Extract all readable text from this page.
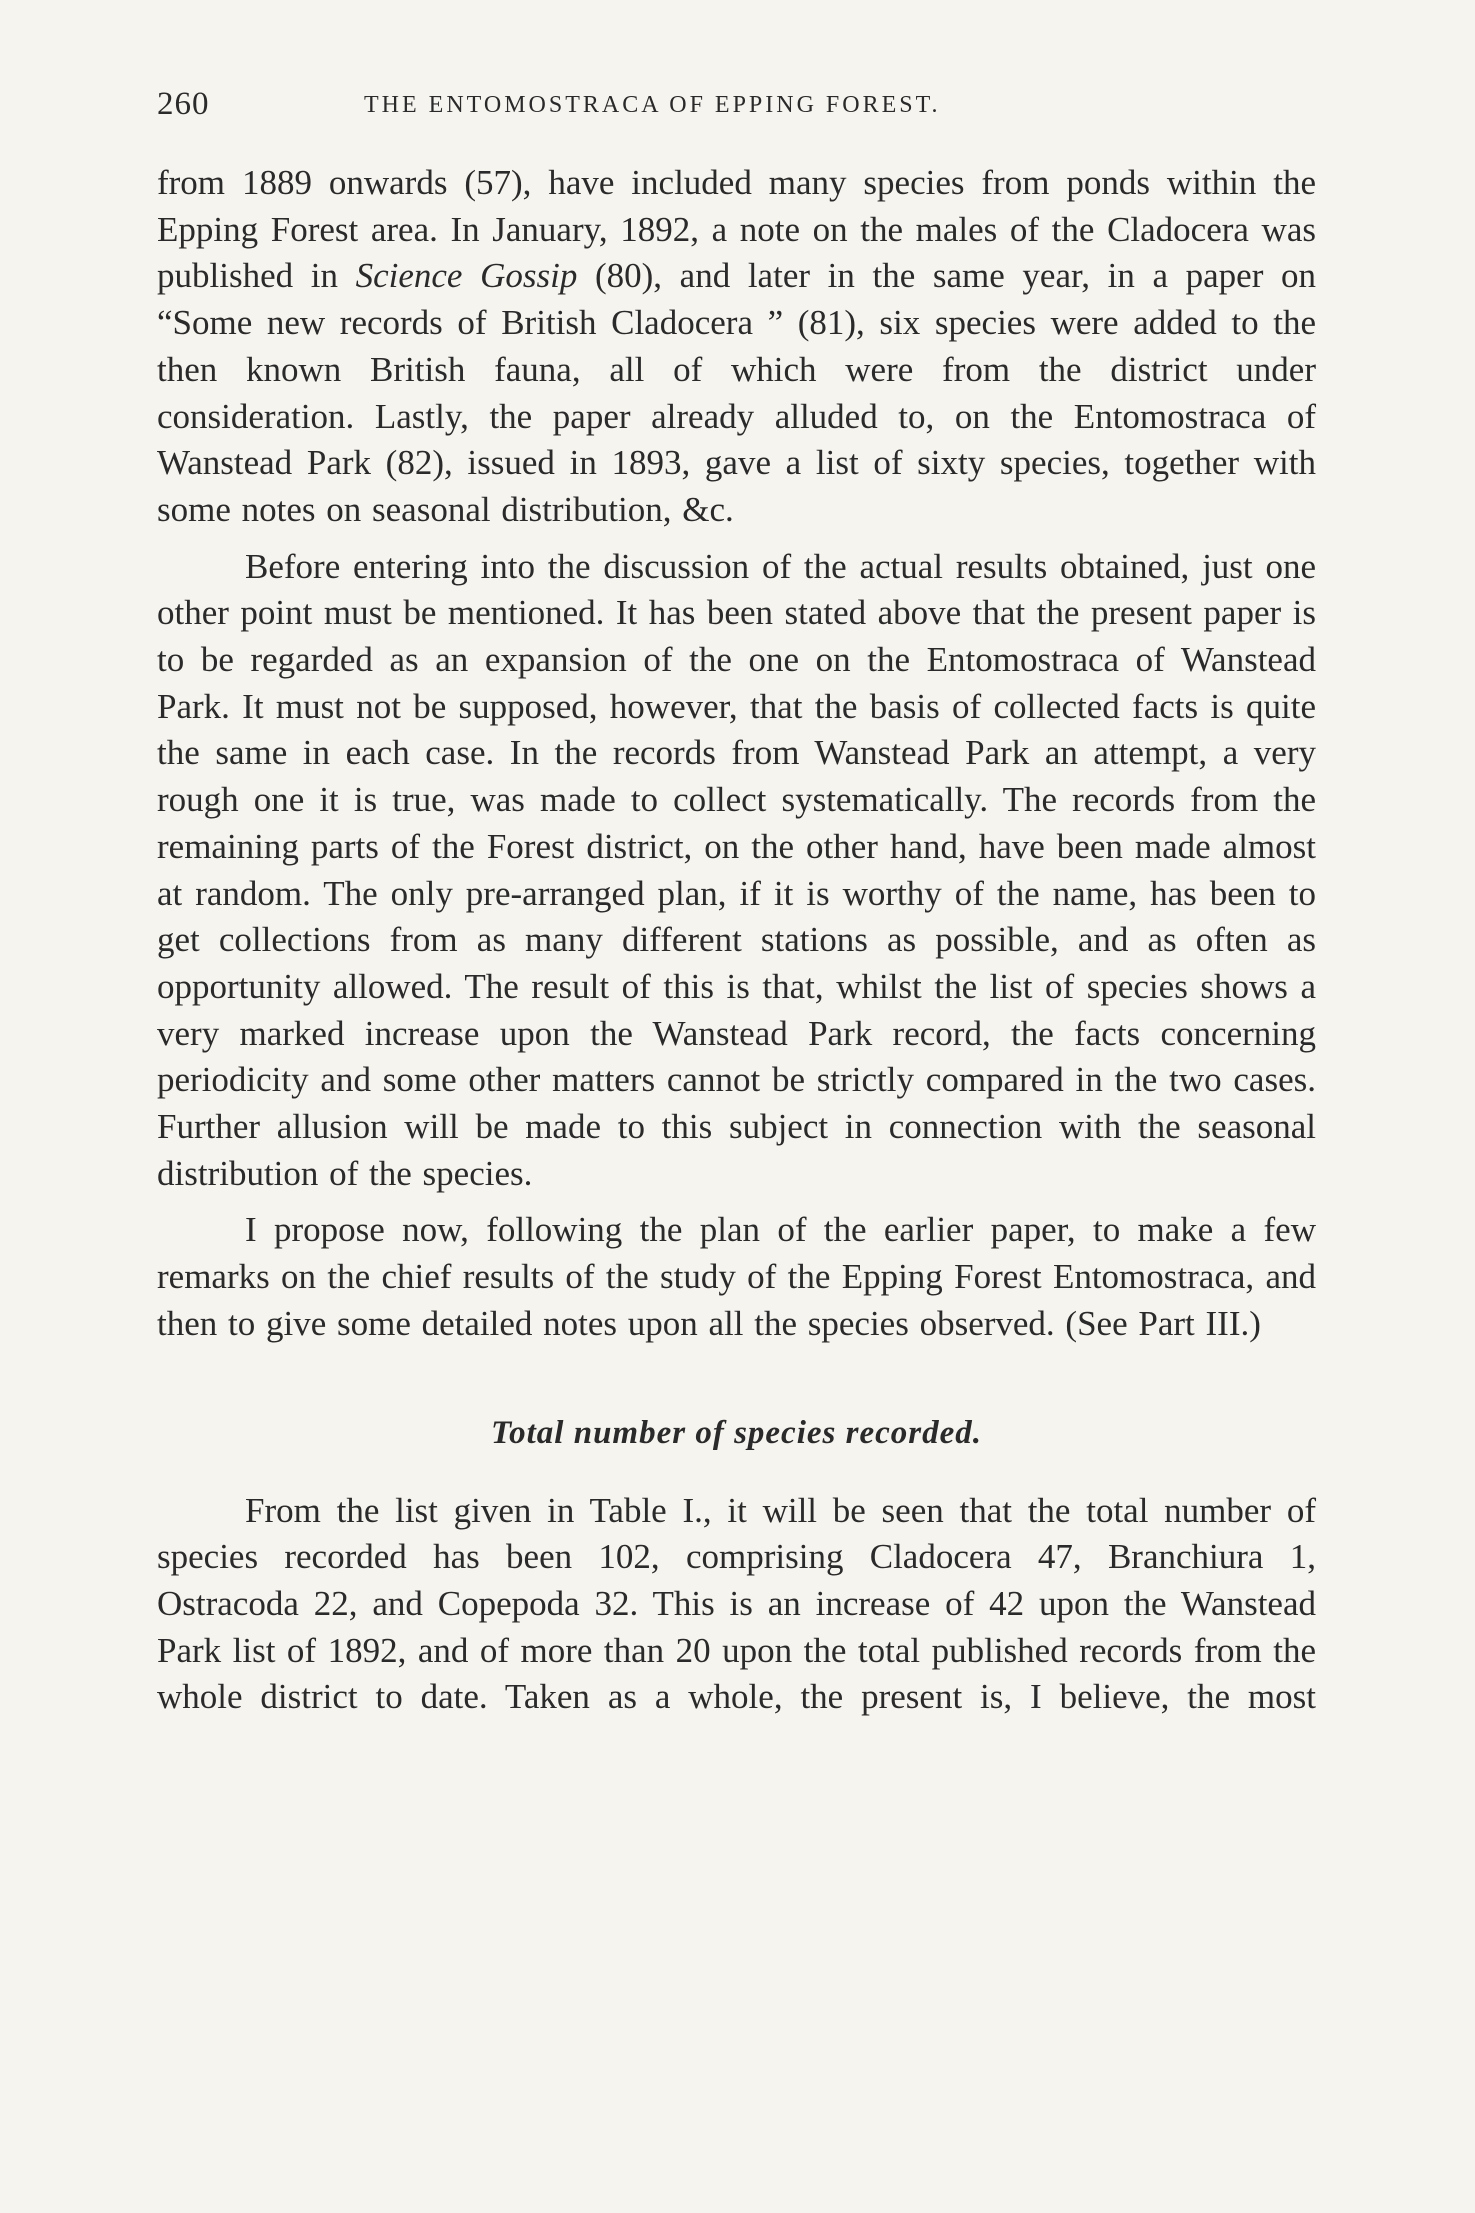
260	THE ENTOMOSTRACA OF EPPING FOREST.

from 1889 onwards (57), have included many species from ponds within the Epping Forest area. In January, 1892, a note on the males of the Cladocera was published in Science Gossip (80), and later in the same year, in a paper on “Some new records of British Cladocera ” (81), six species were added to the then known British fauna, all of which were from the district under consideration. Lastly, the paper already alluded to, on the Entomostraca of Wanstead Park (82), issued in 1893, gave a list of sixty species, together with some notes on seasonal distribution, &c.

Before entering into the discussion of the actual results obtained, just one other point must be mentioned. It has been stated above that the present paper is to be regarded as an expansion of the one on the Entomostraca of Wanstead Park. It must not be supposed, however, that the basis of collected facts is quite the same in each case. In the records from Wanstead Park an attempt, a very rough one it is true, was made to collect systematically. The records from the remaining parts of the Forest district, on the other hand, have been made almost at random. The only pre-arranged plan, if it is worthy of the name, has been to get collections from as many different stations as possible, and as often as opportunity allowed. The result of this is that, whilst the list of species shows a very marked increase upon the Wanstead Park record, the facts concerning periodicity and some other matters cannot be strictly compared in the two cases. Further allusion will be made to this subject in connection with the seasonal distribution of the species.

I propose now, following the plan of the earlier paper, to make a few remarks on the chief results of the study of the Epping Forest Entomostraca, and then to give some detailed notes upon all the species observed. (See Part III.)

Total number of species recorded.

From the list given in Table I., it will be seen that the total number of species recorded has been 102, comprising Cladocera 47, Branchiura 1, Ostracoda 22, and Copepoda 32. This is an increase of 42 upon the Wanstead Park list of 1892, and of more than 20 upon the total published records from the whole district to date. Taken as a whole, the present is, I believe, the most
